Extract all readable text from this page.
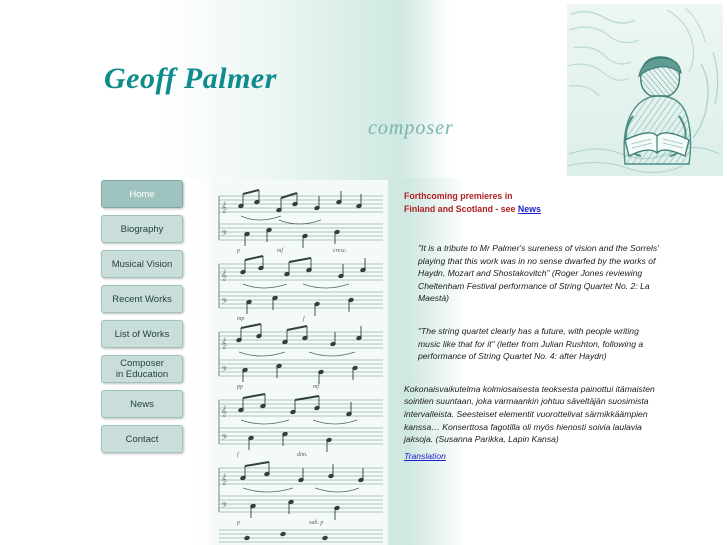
Geoff Palmer
composer
Home
Biography
Musical Vision
Recent Works
List of Works
Composer
in Education
News
Contact
p	mf	cresc.
mp	f
pp	mf
f	dim.
p	sub. p
𝄞
𝄢
𝄞
𝄢
𝄞
𝄢
𝄞
𝄢
𝄞
𝄢
Forthcoming premieres in
Finland and Scotland - see News
"It is a tribute to Mr Palmer's sureness of vision and the Sorrels' playing that this work was in no sense dwarfed by the works of Haydn, Mozart and Shostakovitch" (Roger Jones reviewing Cheltenham Festival performance of String Quartet No. 2: La Maestà)
"The string quartet clearly has a future, with people writing music like that for it" (letter from Julian Rushton, following a performance of String Quartet No. 4: after Haydn)
Kokonaisvaikutelma kolmiosaisesta teoksesta painottui itämaisten sointien suuntaan, joka varmaankin johtuu säveltäjän suosimista intervalleista. Seesteiset elementit vuorottelivat särmikkäämpien kanssa… Konserttosa fagotilla oli myös hienosti soivia laulavia jaksoja. (Susanna Parikka, Lapin Kansa)
Translation
